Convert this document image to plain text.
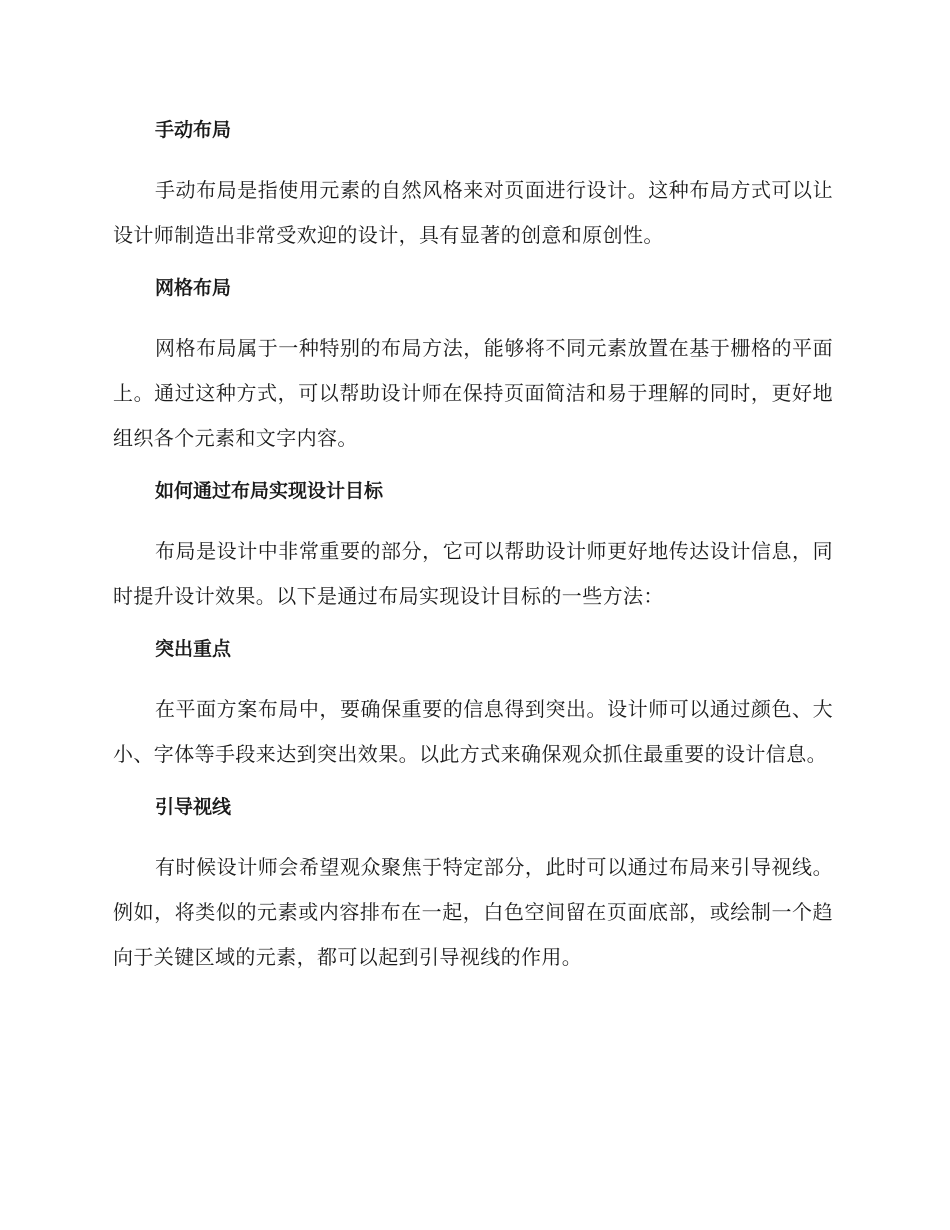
手动布局

手动布局是指使用元素的自然风格来对页面进行设计。这种布局方式可以让设计师制造出非常受欢迎的设计，具有显著的创意和原创性。

网格布局

网格布局属于一种特别的布局方法，能够将不同元素放置在基于栅格的平面上。通过这种方式，可以帮助设计师在保持页面简洁和易于理解的同时，更好地组织各个元素和文字内容。

如何通过布局实现设计目标

布局是设计中非常重要的部分，它可以帮助设计师更好地传达设计信息，同时提升设计效果。以下是通过布局实现设计目标的一些方法：

突出重点

在平面方案布局中，要确保重要的信息得到突出。设计师可以通过颜色、大小、字体等手段来达到突出效果。以此方式来确保观众抓住最重要的设计信息。

引导视线

有时候设计师会希望观众聚焦于特定部分，此时可以通过布局来引导视线。例如，将类似的元素或内容排布在一起，白色空间留在页面底部，或绘制一个趋向于关键区域的元素，都可以起到引导视线的作用。
